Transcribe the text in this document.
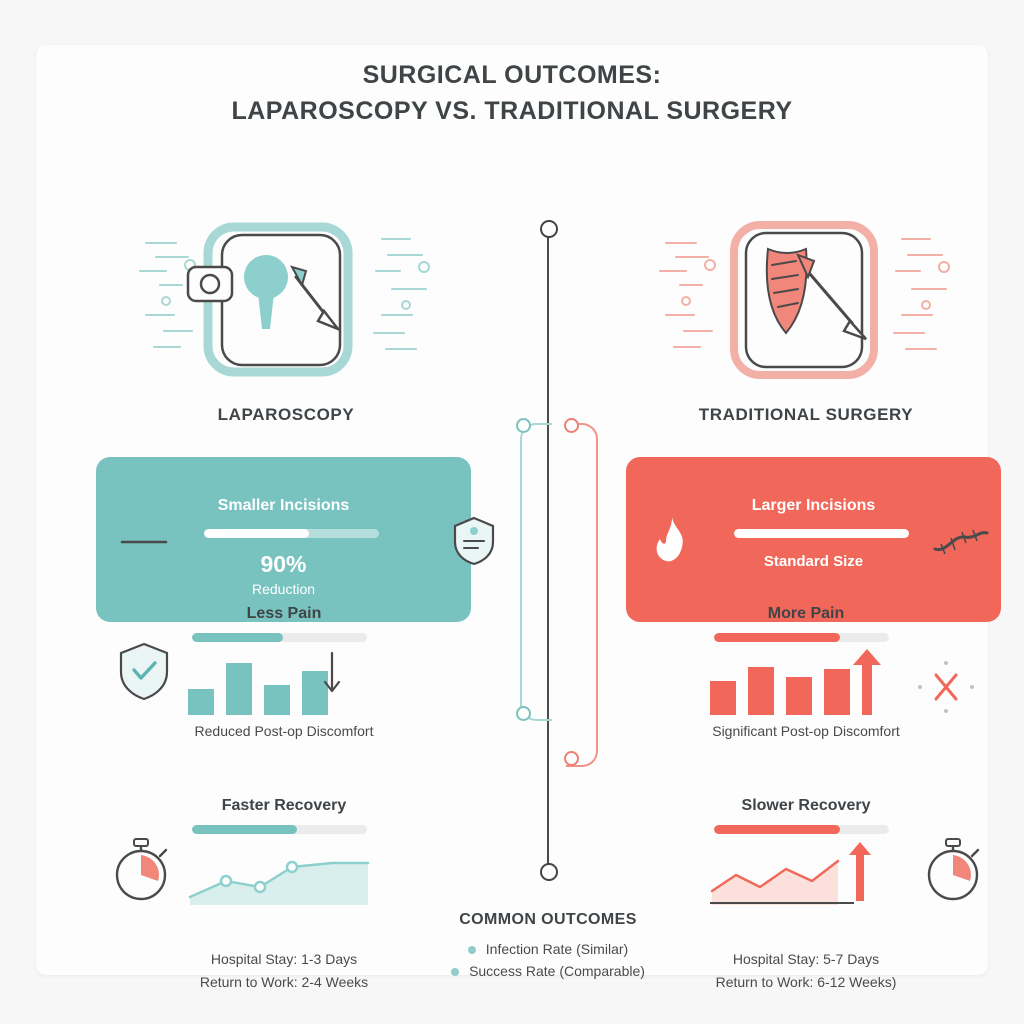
SURGICAL OUTCOMES:
LAPAROSCOPY VS. TRADITIONAL SURGERY
LAPAROSCOPY	TRADITIONAL SURGERY
Smaller Incisions
90%
Reduction
Larger Incisions
Standard Size
Less Pain
Reduced Post-op Discomfort
More Pain
Significant Post-op Discomfort
Faster Recovery	Slower Recovery
Hospital Stay: 1-3 Days
Return to Work: 2-4 Weeks
Hospital Stay: 5-7 Days
Return to Work: 6-12 Weeks)
COMMON OUTCOMES
Infection Rate (Similar)
Success Rate (Comparable)
